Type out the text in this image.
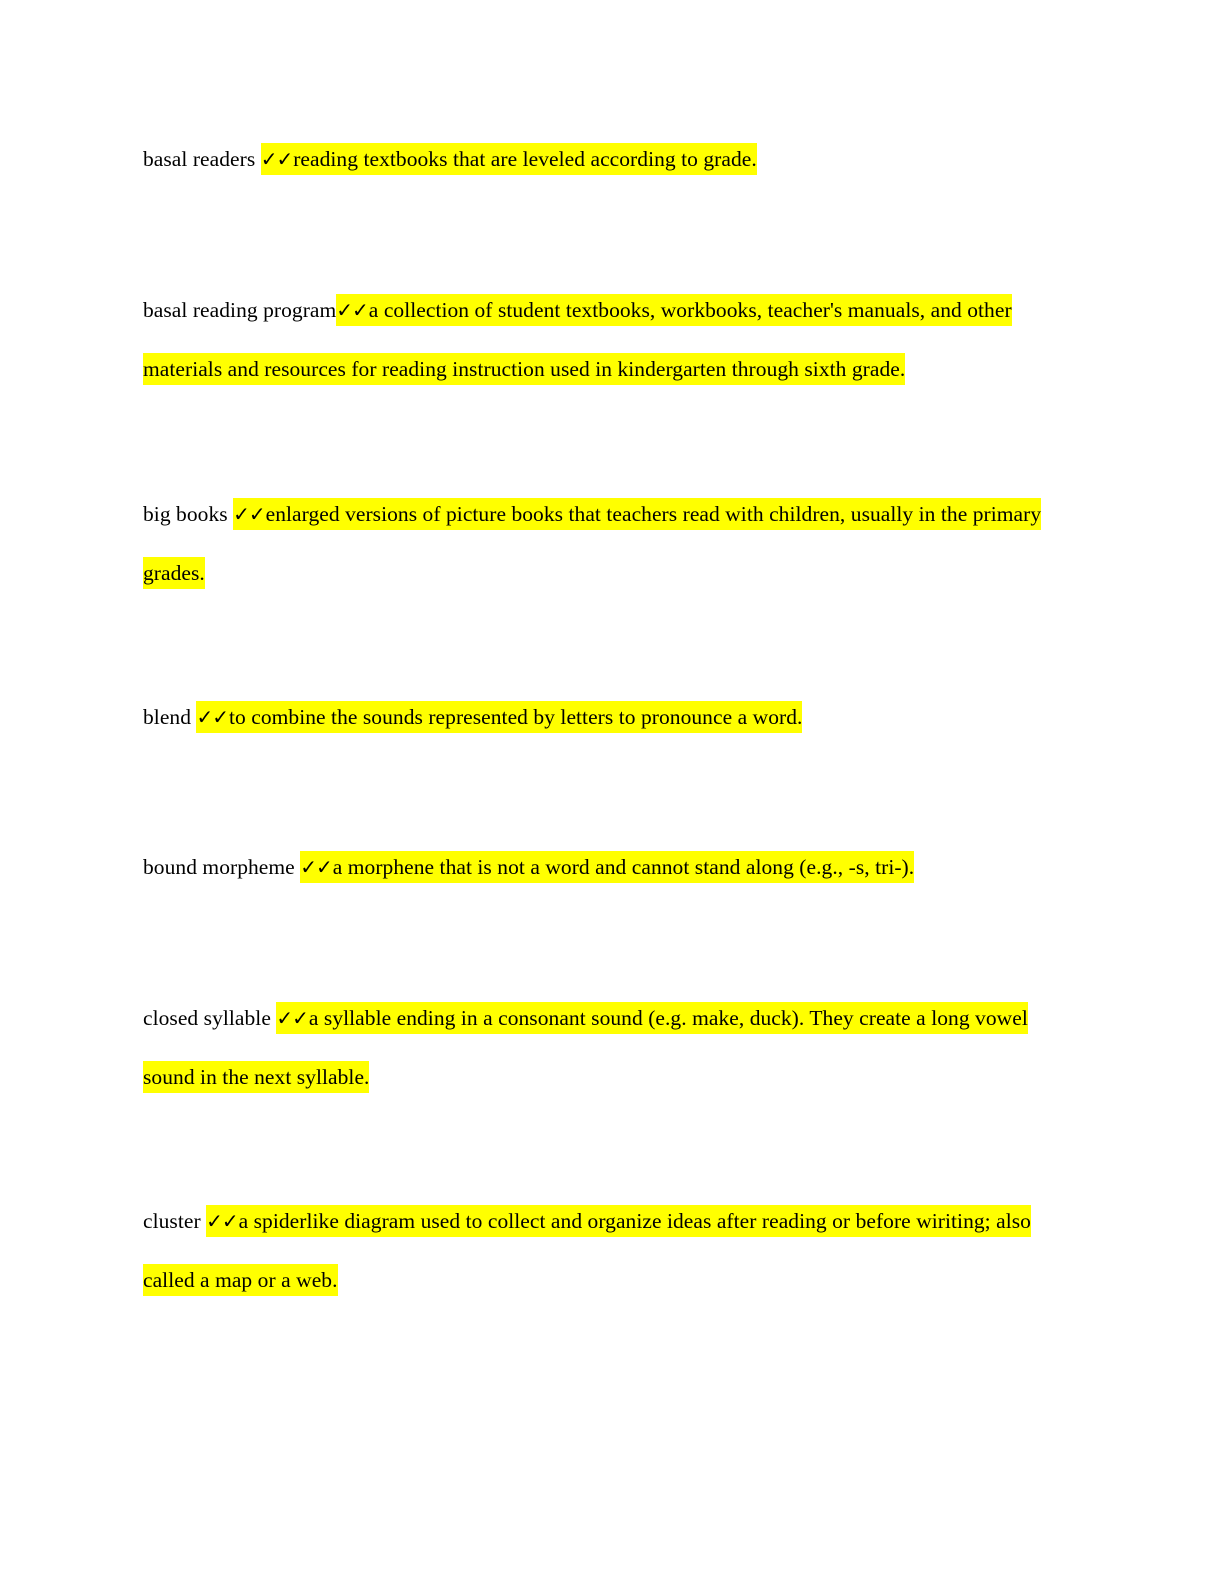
basal readers ✓✓reading textbooks that are leveled according to grade.
basal reading program✓✓a collection of student textbooks, workbooks, teacher's manuals, and other materials and resources for reading instruction used in kindergarten through sixth grade.
big books ✓✓enlarged versions of picture books that teachers read with children, usually in the primary grades.
blend ✓✓to combine the sounds represented by letters to pronounce a word.
bound morpheme ✓✓a morphene that is not a word and cannot stand along (e.g., -s, tri-).
closed syllable ✓✓a syllable ending in a consonant sound (e.g. make, duck). They create a long vowel sound in the next syllable.
cluster ✓✓a spiderlike diagram used to collect and organize ideas after reading or before wiriting; also called a map or a web.
